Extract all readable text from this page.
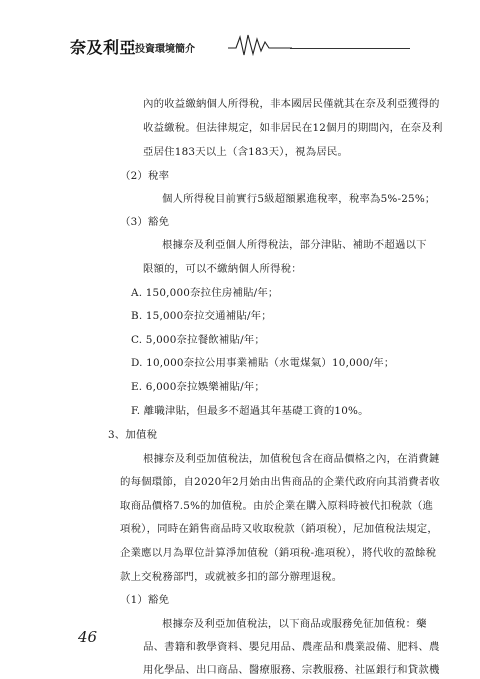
奈及利亞
投資環境簡介
內的收益繳納個人所得稅，非本國居民僅就其在奈及利亞獲得的
收益繳稅。但法律規定，如非居民在12個月的期間內，在奈及利
亞居住183天以上（含183天），視為居民。
（2）稅率
個人所得稅目前實行5級超額累進稅率，稅率為5%-25%；
（3）豁免
根據奈及利亞個人所得稅法，部分津貼、補助不超過以下
限額的，可以不繳納個人所得稅：
A. 150,000奈拉住房補貼/年；
B. 15,000奈拉交通補貼/年；
C. 5,000奈拉餐飲補貼/年；
D. 10,000奈拉公用事業補貼（水電煤氣）10,000/年；
E. 6,000奈拉娛樂補貼/年；
F. 離職津貼，但最多不超過其年基礎工資的10%。
3、加值稅
根據奈及利亞加值稅法，加值稅包含在商品價格之內，在消費鏈
的每個環節，自2020年2月始由出售商品的企業代政府向其消費者收
取商品價格7.5%的加值稅。由於企業在購入原料時被代扣稅款（進
項稅），同時在銷售商品時又收取稅款（銷項稅），尼加值稅法規定，
企業應以月為單位計算淨加值稅（銷項稅-進項稅），將代收的盈餘稅
款上交稅務部門，或就被多扣的部分辦理退稅。
（1）豁免
根據奈及利亞加值稅法，以下商品或服務免征加值稅：藥
品、書籍和教學資料、嬰兒用品、農產品和農業設備、肥料、農
用化學品、出口商品、醫療服務、宗教服務、社區銀行和貸款機
46
